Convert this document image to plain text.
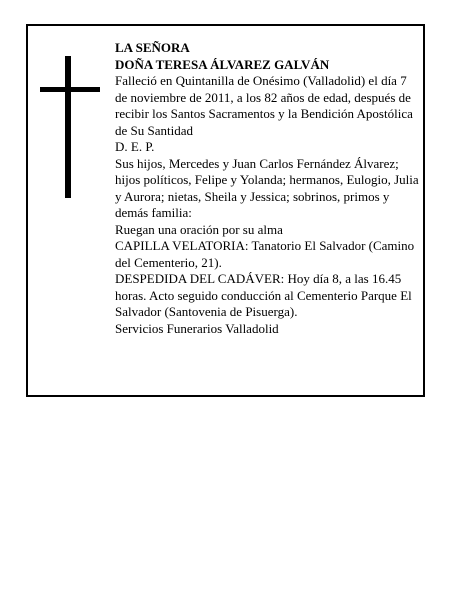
LA SEÑORA
DOÑA TERESA ÁLVAREZ GALVÁN
Falleció en Quintanilla de Onésimo (Valladolid) el día 7 de noviembre de 2011, a los 82 años de edad, después de recibir los Santos Sacramentos y la Bendición Apostólica de Su Santidad
D. E. P.
Sus hijos, Mercedes y Juan Carlos Fernández Álvarez; hijos políticos, Felipe y Yolanda; hermanos, Eulogio, Julia y Aurora; nietas, Sheila y Jessica; sobrinos, primos y demás familia:
Ruegan una oración por su alma
CAPILLA VELATORIA: Tanatorio El Salvador (Camino del Cementerio, 21).
DESPEDIDA DEL CADÁVER: Hoy día 8, a las 16.45 horas. Acto seguido conducción al Cementerio Parque El Salvador (Santovenia de Pisuerga).
Servicios Funerarios Valladolid
